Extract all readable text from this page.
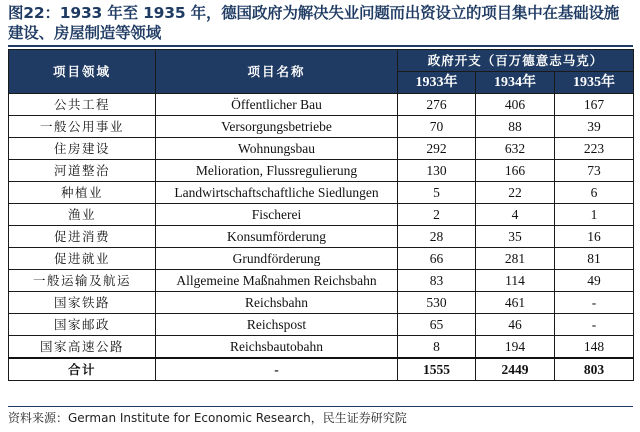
图22：1933 年至 1935 年，德国政府为解决失业问题而出资设立的项目集中在基础设施建设、房屋制造等领域
项目领域	项目名称	政府开支（百万德意志马克）		
		1933年	1934年	1935年
公共工程	Öffentlicher Bau	276	406	167
一般公用事业	Versorgungsbetriebe	70	88	39
住房建设	Wohnungsbau	292	632	223
河道整治	Melioration, Flussregulierung	130	166	73
种植业	Landwirtschaftschaftliche Siedlungen	5	22	6
渔业	Fischerei	2	4	1
促进消费	Konsumförderung	28	35	16
促进就业	Grundförderung	66	281	81
一般运输及航运	Allgemeine Maßnahmen Reichsbahn	83	114	49
国家铁路	Reichsbahn	530	461	-
国家邮政	Reichspost	65	46	-
国家高速公路	Reichsbautobahn	8	194	148
合计	-	1555	2449	803
资料来源：German Institute for Economic Research，民生证券研究院
